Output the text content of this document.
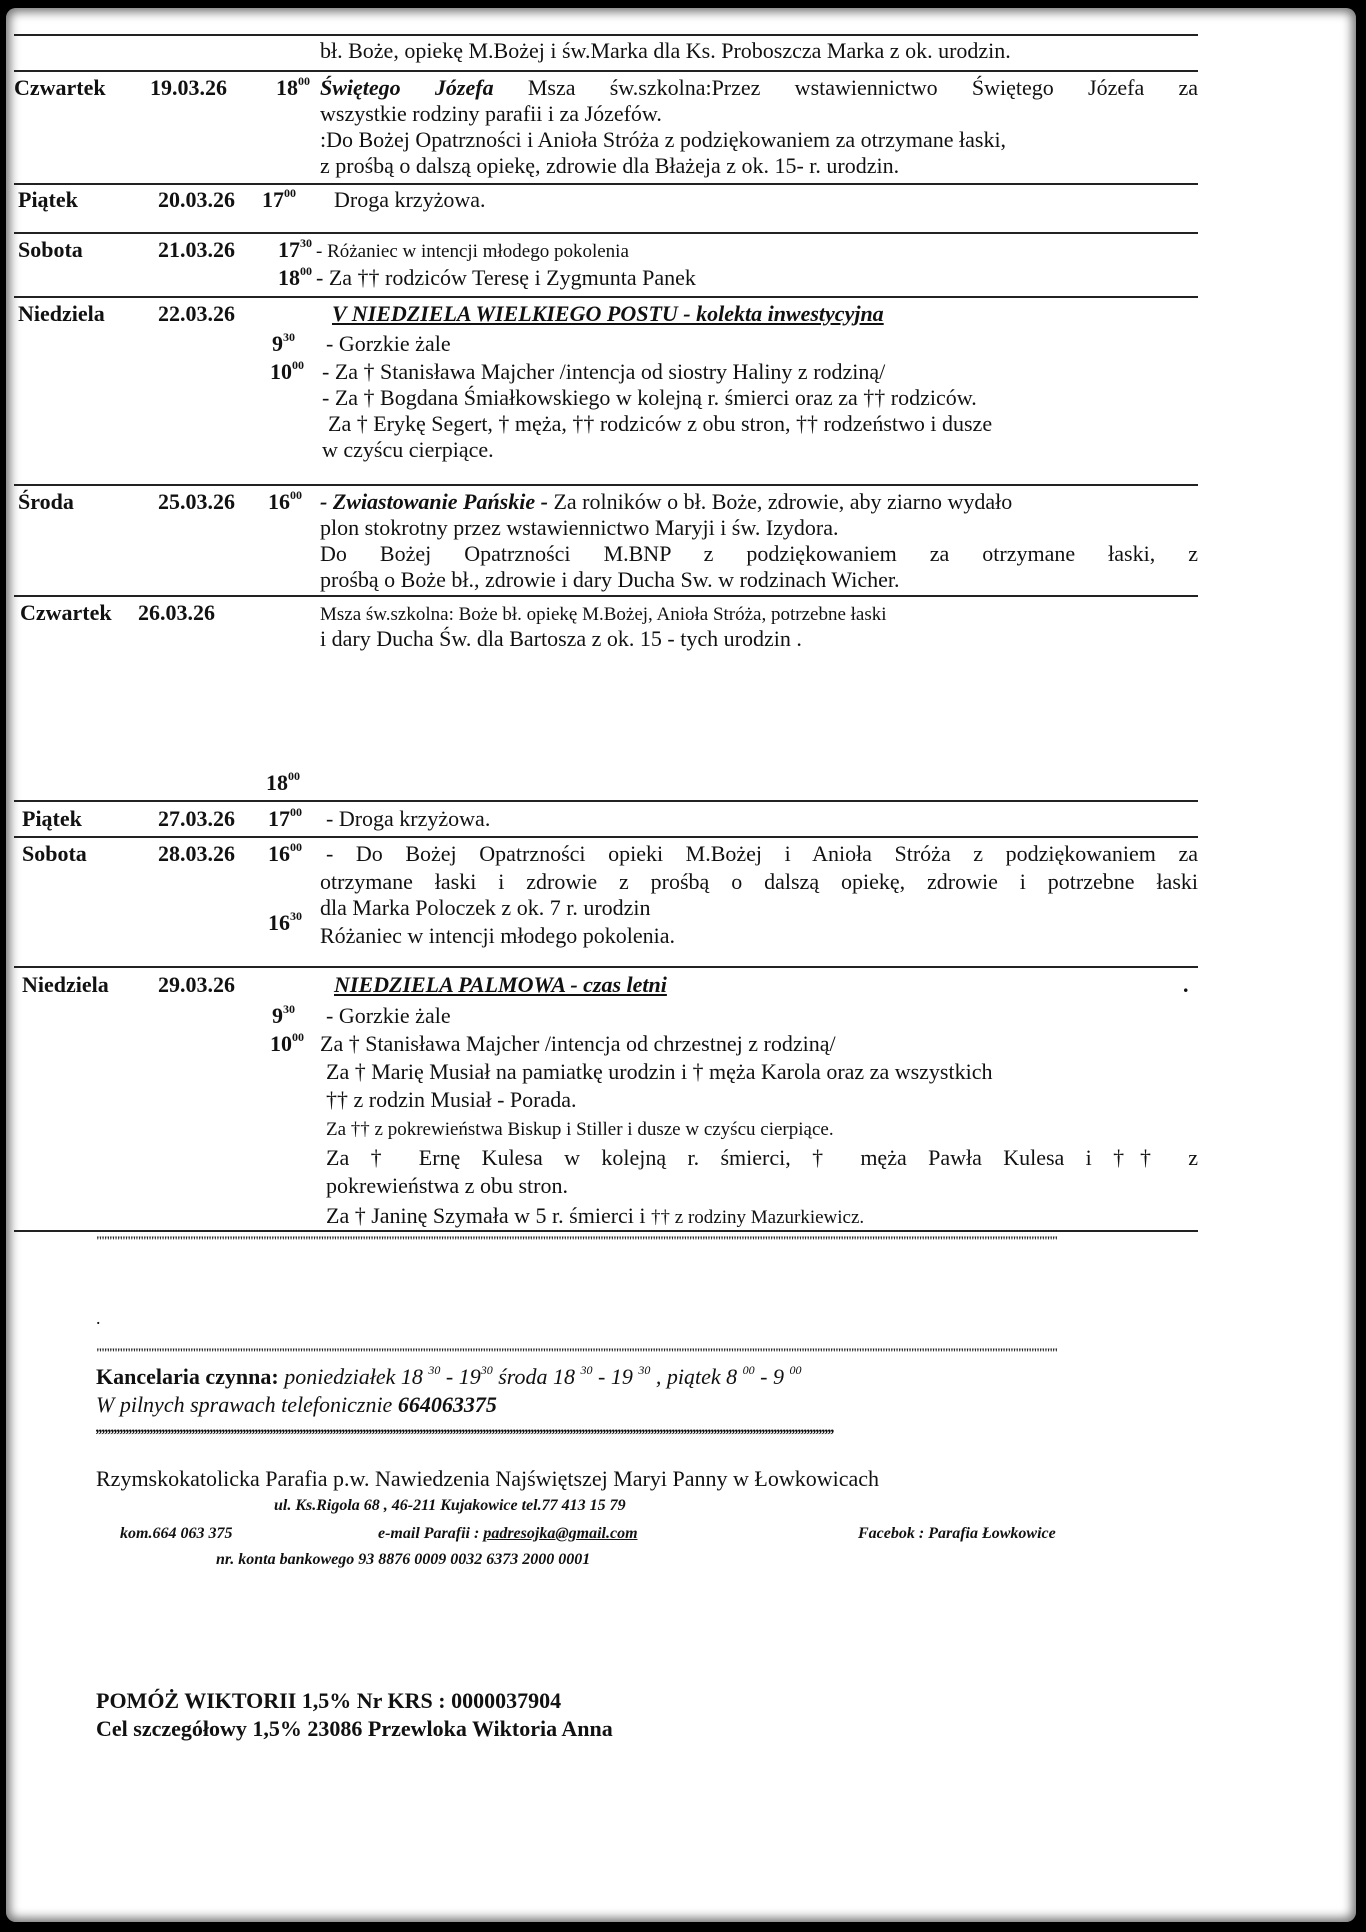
bł. Boże, opiekę M.Bożej i św.Marka dla Ks. Proboszcza Marka z ok. urodzin.
Czwartek 19.03.26 $18^{00}$ Świętego Józefa Msza św.szkolna:Przez wstawiennictwo Świętego Józefa za
wszystkie rodziny parafii i za Józefów.
:Do Bożej Opatrzności i Anioła Stróża z podziękowaniem za otrzymane łaski,
z prośbą o dalszą opiekę, zdrowie dla Błażeja z ok. 15- r. urodzin.
Piątek	20.03.26 $17^{00}$ Droga krzyżowa.
Sobota	21.03.26 $17^{30}$ - Różaniec w intencji młodego pokolenia
$18^{00}$ - Za †† rodziców Teresę i Zygmunta Panek
Niedziela 22.03.26	V NIEDZIELA WIELKIEGO POSTU - kolekta inwestycyjna
$9^{30}$ - Gorzkie żale
$10^{00}$ - Za † Stanisława Majcher /intencja od siostry Haliny z rodziną/
- Za † Bogdana Śmiałkowskiego w kolejną r. śmierci oraz za †† rodziców.
Za † Erykę Segert, † męża, †† rodziców z obu stron, †† rodzeństwo i dusze
w czyścu cierpiące.
Środa	25.03.26 $16^{00}$ - Zwiastowanie Pańskie - Za rolników o bł. Boże, zdrowie, aby ziarno wydało
plon stokrotny przez wstawiennictwo Maryji i św. Izydora.
Do Bożej Opatrzności M.BNP z podziękowaniem za otrzymane łaski, z
prośbą o Boże bł., zdrowie i dary Ducha Sw. w rodzinach Wicher.
Czwartek 26.03.26	Msza św.szkolna: Boże bł. opiekę M.Bożej, Anioła Stróża, potrzebne łaski
i dary Ducha Św. dla Bartosza z ok. 15 - tych urodzin .
$18^{00}$
Piątek	27.03.26 $17^{00}$ - Droga krzyżowa.
Sobota	28.03.26 $16^{00}$ - Do Bożej Opatrzności opieki M.Bożej i Anioła Stróża z podziękowaniem za
otrzymane łaski i zdrowie z prośbą o dalszą opiekę, zdrowie i potrzebne łaski
dla Marka Poloczek z ok. 7 r. urodzin
$16^{30}$
Różaniec w intencji młodego pokolenia.
Niedziela 29.03.26	NIEDZIELA PALMOWA - czas letni	.
$9^{30}$ - Gorzkie żale
$10^{00}$ Za † Stanisława Majcher /intencja od chrzestnej z rodziną/
Za † Marię Musiał na pamiatkę urodzin i † męża Karola oraz za wszystkich
†† z rodzin Musiał - Porada.
Za †† z pokrewieństwa Biskup i Stiller i dusze w czyścu cierpiące.
Za † Ernę Kulesa w kolejną r. śmierci, † męża Pawła Kulesa i †† z
pokrewieństwa z obu stron.
Za † Janinę Szymała w 5 r. śmierci i †† z rodziny Mazurkiewicz.
''''''''''''''''''''''''''''''''''''''''''''''''''''''''''''''''''''''''''''''''''''''''''''''''''''''''''''''''''''''''''''''''''''''''''''''''''''''''''''''''''''''''''''''''''''''''''''''''''''''''''''''''''''''''''''''''''''''''''''''''''''''''''''''''''''''''''''''''''''''''''''''''''''''''''''''''''''''''''''''''''''''''''''''''''''''''''''''''''''''''''''''''
.
''''''''''''''''''''''''''''''''''''''''''''''''''''''''''''''''''''''''''''''''''''''''''''''''''''''''''''''''''''''''''''''''''''''''''''''''''''''''''''''''''''''''''''''''''''''''''''''''''''''''''''''''''''''''''''''''''''''''''''''''''''''''''''''''''''''''''''''''''''''''''''''''''''''''''''''''''''''''''''''''''''''''''''''''''''''''''''''''''''''''''''''''
Kancelaria czynna: poniedziałek 18 $^{30} - 19^{30}$ środa 18 $^{30}$ - 19 $^{30}$ , piątek 8 $^{00}$ - 9 $^{00}$
W pilnych sprawach telefonicznie 664063375
,,,,,,,,,,,,,,,,,,,,,,,,,,,,,,,,,,,,,,,,,,,,,,,,,,,,,,,,,,,,,,,,,,,,,,,,,,,,,,,,,,,,,,,,,,,,,,,,,,,,,,,,,,,,,,,,,,,,,,,,,,,,,,,,,,,,,,,,,,,,,,,,,,,,,,,,,,,,,,,,,,,,,,,,,,,,,,,,,,,,,,,,,,,,,,,,,,,,,,,,,,,,,,,,,,,,,,,,,,,,,,,,,,,,,,,,,,,,,,,,,,,,,,
Rzymskokatolicka Parafia p.w. Nawiedzenia Najświętszej Maryi Panny w Łowkowicach
ul. Ks.Rigola 68 , 46-211 Kujakowice tel.77 413 15 79
kom.664 063 375	e-mail Parafii : padresojka@gmail.com	Facebok : Parafia Łowkowice
nr. konta bankowego 93 8876 0009 0032 6373 2000 0001
POMÓŻ WIKTORII 1,5% Nr KRS : 0000037904
Cel szczegółowy 1,5% 23086 Przewloka Wiktoria Anna
